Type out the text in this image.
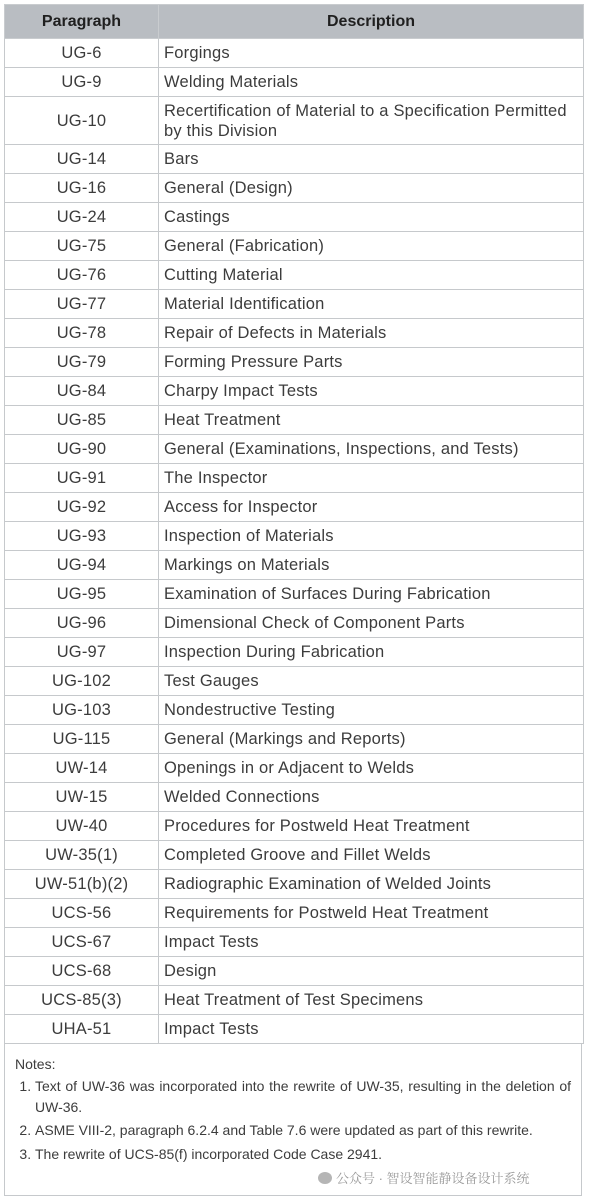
Paragraph	Description
UG-6	Forgings
UG-9	Welding Materials
UG-10	Recertification of Material to a Specification Permitted by this Division
UG-14	Bars
UG-16	General (Design)
UG-24	Castings
UG-75	General (Fabrication)
UG-76	Cutting Material
UG-77	Material Identification
UG-78	Repair of Defects in Materials
UG-79	Forming Pressure Parts
UG-84	Charpy Impact Tests
UG-85	Heat Treatment
UG-90	General (Examinations, Inspections, and Tests)
UG-91	The Inspector
UG-92	Access for Inspector
UG-93	Inspection of Materials
UG-94	Markings on Materials
UG-95	Examination of Surfaces During Fabrication
UG-96	Dimensional Check of Component Parts
UG-97	Inspection During Fabrication
UG-102	Test Gauges
UG-103	Nondestructive Testing
UG-115	General (Markings and Reports)
UW-14	Openings in or Adjacent to Welds
UW-15	Welded Connections
UW-40	Procedures for Postweld Heat Treatment
UW-35(1)	Completed Groove and Fillet Welds
UW-51(b)(2)	Radiographic Examination of Welded Joints
UCS-56	Requirements for Postweld Heat Treatment
UCS-67	Impact Tests
UCS-68	Design
UCS-85(3)	Heat Treatment of Test Specimens
UHA-51	Impact Tests
Notes:
1. Text of UW-36 was incorporated into the rewrite of UW-35, resulting in the deletion of UW-36.
2. ASME VIII-2, paragraph 6.2.4 and Table 7.6 were updated as part of this rewrite.
3. The rewrite of UCS-85(f) incorporated Code Case 2941.
公众号 · 智设智能静设备设计系统
